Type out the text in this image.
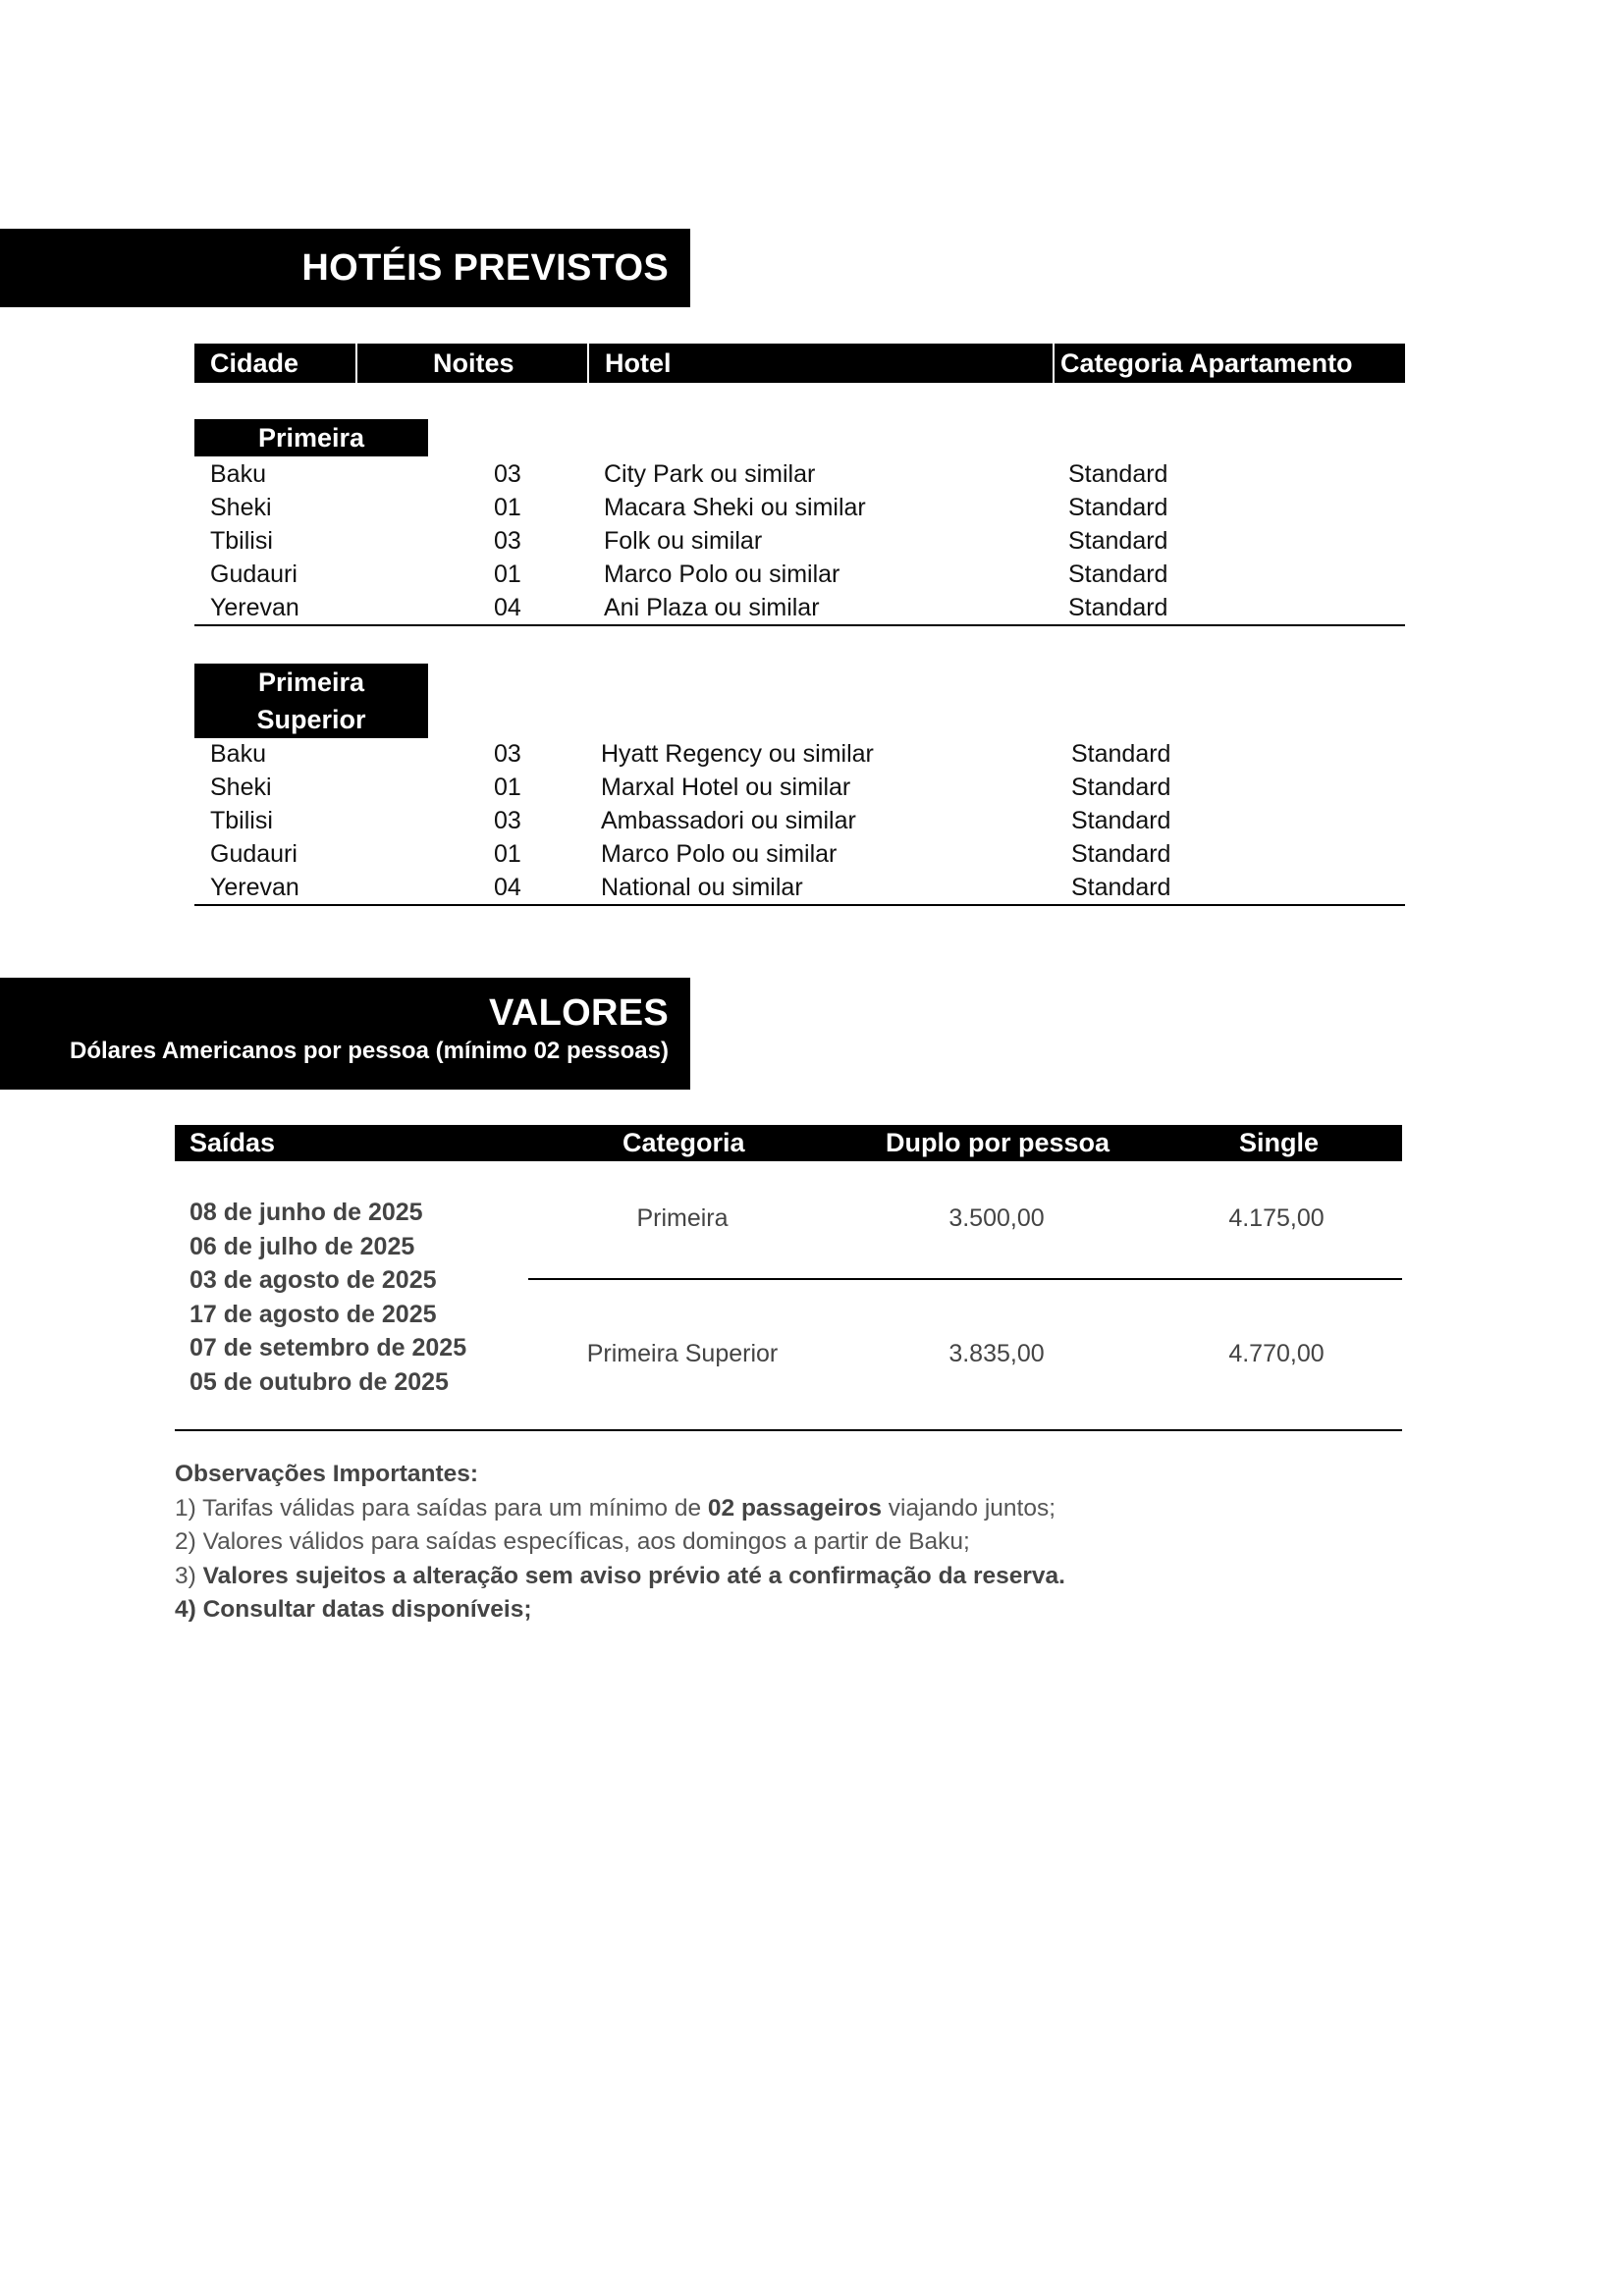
HOTÉIS PREVISTOS
Cidade	Noites	Hotel	Categoria Apartamento
Primeira
Baku	03	City Park ou similar	Standard
Sheki	01	Macara Sheki ou similar	Standard
Tbilisi	03	Folk ou similar	Standard
Gudauri	01	Marco Polo ou similar	Standard
Yerevan	04	Ani Plaza ou similar	Standard
Primeira
Superior
Baku	03	Hyatt Regency ou similar	Standard
Sheki	01	Marxal Hotel ou similar	Standard
Tbilisi	03	Ambassadori ou similar	Standard
Gudauri	01	Marco Polo ou similar	Standard
Yerevan	04	National ou similar	Standard
VALORES
Dólares Americanos por pessoa (mínimo 02 pessoas)
Saídas	Categoria	Duplo por pessoa	Single
08 de junho de 2025
06 de julho de 2025
03 de agosto de 2025
17 de agosto de 2025
07 de setembro de 2025
05 de outubro de 2025
Primeira	3.500,00	4.175,00
Primeira Superior	3.835,00	4.770,00
Observações Importantes:
1) Tarifas válidas para saídas para um mínimo de 02 passageiros viajando juntos;
2) Valores válidos para saídas específicas, aos domingos a partir de Baku;
3) Valores sujeitos a alteração sem aviso prévio até a confirmação da reserva.
4) Consultar datas disponíveis;
